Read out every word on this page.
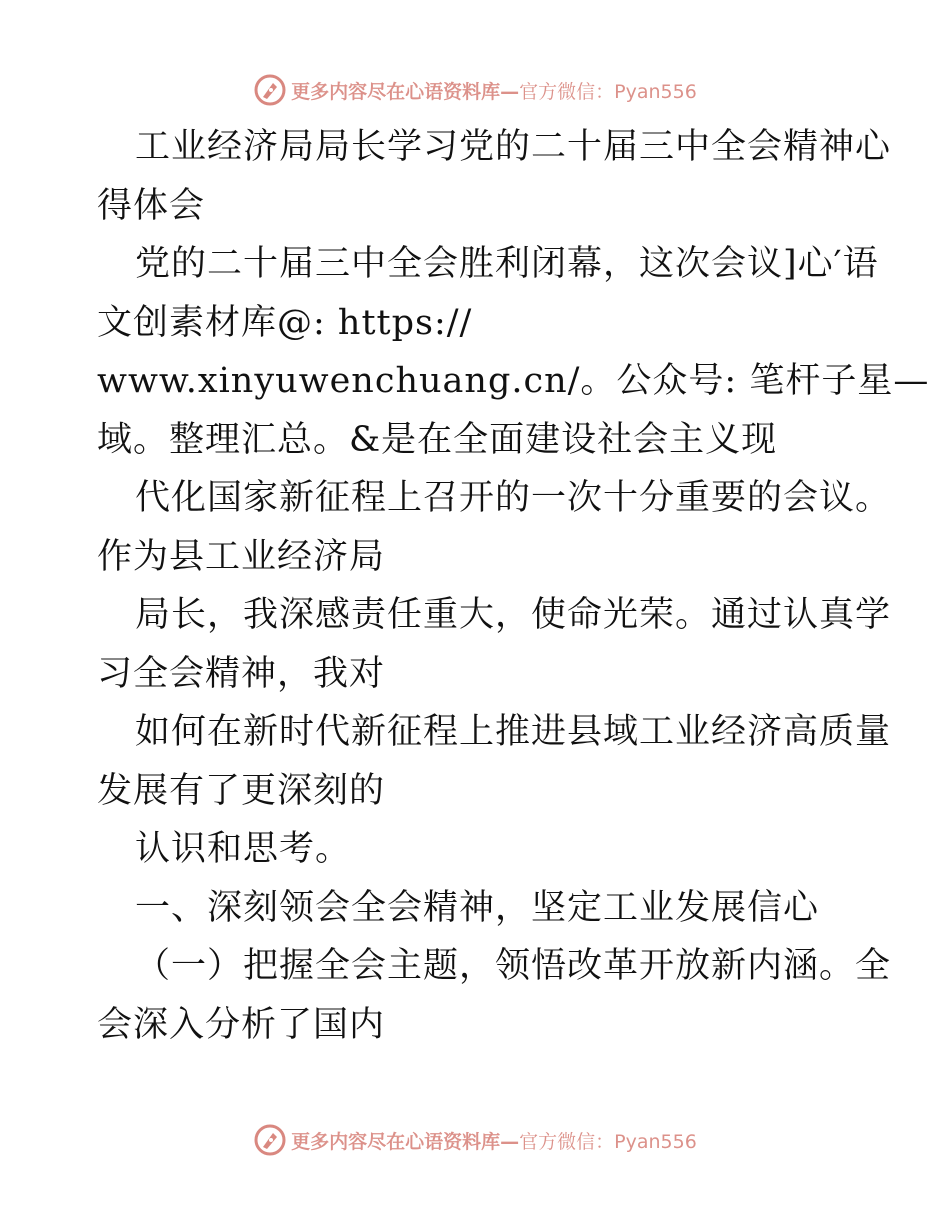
更多内容尽在心语资料库—官方微信：Pyan556
工业经济局局长学习党的二十届三中全会精神心
得体会
党的二十届三中全会胜利闭幕，这次会议]心′语
文创素材库@: https://
www.xinyuwenchuang.cn/。公众号: 笔杆子星—
域。整理汇总。&是在全面建设社会主义现
代化国家新征程上召开的一次十分重要的会议。
作为县工业经济局
局长，我深感责任重大，使命光荣。通过认真学
习全会精神，我对
如何在新时代新征程上推进县域工业经济高质量
发展有了更深刻的
认识和思考。
一、深刻领会全会精神，坚定工业发展信心
（一）把握全会主题，领悟改革开放新内涵。全
会深入分析了国内
更多内容尽在心语资料库—官方微信：Pyan556
